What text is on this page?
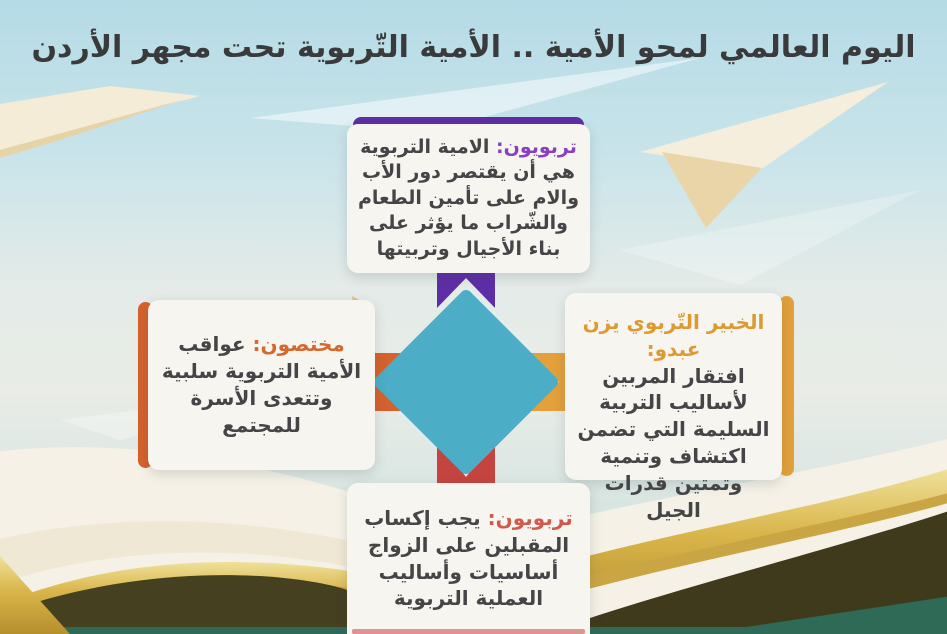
اليوم العالمي لمحو الأمية .. الأمية التّربوية تحت مجهر الأردن
تربويون: الامية التربوية هي أن يقتصر دور الأب والام على تأمين الطعام والشّراب ما يؤثر على بناء الأجيال وتربيتها
مختصون: عواقب الأمية التربوية سلبية وتتعدى الأسرة للمجتمع
الخبير التّربوي يزن عبدو:
افتقار المربين لأساليب التربية السليمة التي تضمن اكتشاف وتنمية وتمتين قدرات الجيل
تربويون: يجب إكساب المقبلين على الزواج أساسيات وأساليب العملية التربوية
